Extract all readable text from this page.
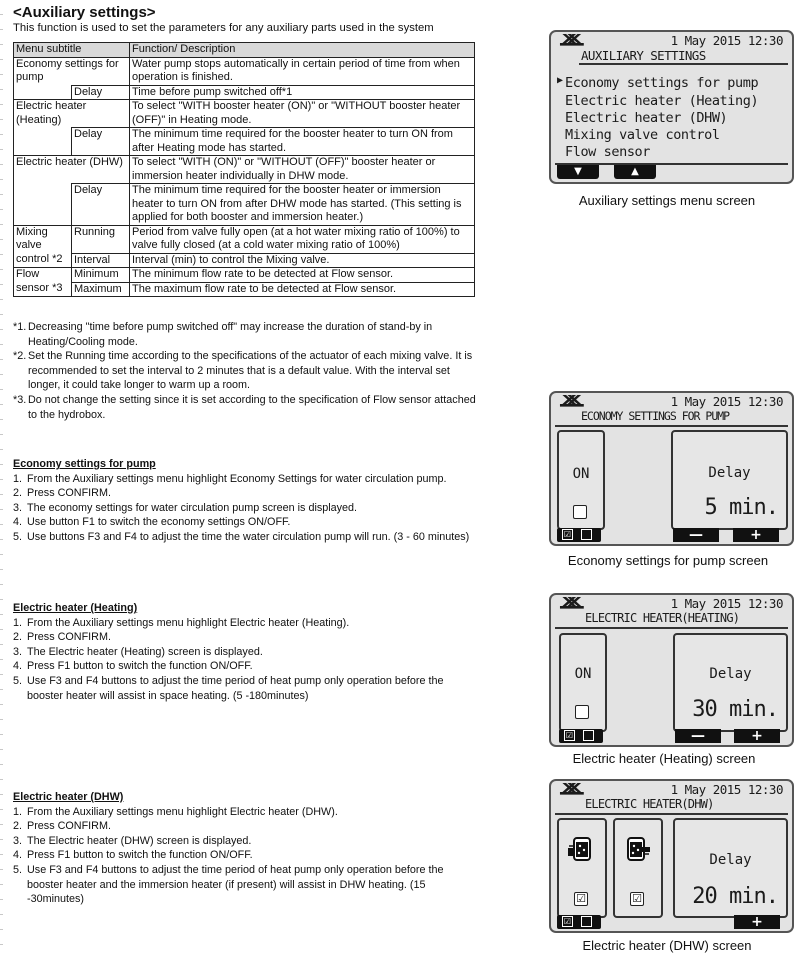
<Auxiliary settings>
This function is used to set the parameters for any auxiliary parts used in the system
Menu subtitle		Function/ Description
Economy settings for pump		Water pump stops automatically in certain period of time from when operation is finished.
	Delay	Time before pump switched off*1
Electric heater (Heating)		To select "WITH booster heater (ON)" or "WITHOUT booster heater (OFF)" in Heating mode.
	Delay	The minimum time required for the booster heater to turn ON from after Heating mode has started.
Electric heater (DHW)		To select "WITH (ON)" or "WITHOUT (OFF)" booster heater or immersion heater individually in DHW mode.
	Delay	The minimum time required for the booster heater or immersion heater to turn ON from after DHW mode has started. (This setting is applied for both booster and immersion heater.)
Mixing valve control *2	Running	Period from valve fully open (at a hot water mixing ratio of 100%) to valve fully closed (at a cold water mixing ratio of 100%)
	Interval	Interval (min) to control the Mixing valve.
Flow sensor *3	Minimum	The minimum flow rate to be detected at Flow sensor.
	Maximum	The maximum flow rate to be detected at Flow sensor.
*1. Decreasing "time before pump switched off" may increase the duration of stand-by in Heating/Cooling mode.
*2. Set the Running time according to the specifications of the actuator of each mixing valve. It is recommended to set the interval to 2 minutes that is a default value. With the interval set longer, it could take longer to warm up a room.
*3. Do not change the setting since it is set according to the specification of Flow sensor attached to the hydrobox.
Economy settings for pump
1. From the Auxiliary settings menu highlight Economy Settings for water circulation pump.
2. Press CONFIRM.
3. The economy settings for water circulation pump screen is displayed.
4. Use button F1 to switch the economy settings ON/OFF.
5. Use buttons F3 and F4 to adjust the time the water circulation pump will run. (3 - 60 minutes)
Electric heater (Heating)
1. From the Auxiliary settings menu highlight Electric heater (Heating).
2. Press CONFIRM.
3. The Electric heater (Heating) screen is displayed.
4. Press F1 button to switch the function ON/OFF.
5. Use F3 and F4 buttons to adjust the time period of heat pump only operation before the booster heater will assist in space heating. (5 -180minutes)
Electric heater (DHW)
1. From the Auxiliary settings menu highlight Electric heater (DHW).
2. Press CONFIRM.
3. The Electric heater (DHW) screen is displayed.
4. Press F1 button to switch the function ON/OFF.
5. Use F3 and F4 buttons to adjust the time period of heat pump only operation before the booster heater and the immersion heater (if present) will assist in DHW heating. (15 -30minutes)
ᚘ	1 May 2015 12:30
AUXILIARY SETTINGS
▶ Economy settings for pump
Electric heater (Heating)
Electric heater (DHW)
Mixing valve control
Flow sensor
▼	▲
Auxiliary settings menu screen
ᚘ	1 May 2015 12:30
ECONOMY SETTINGS FOR PUMP
ON	Delay
5 min.
☑	—	+
Economy settings for pump screen
ᚘ	1 May 2015 12:30
ELECTRIC HEATER(HEATING)
ON	Delay
30 min.
☑	—	+
Electric heater (Heating) screen
ᚘ	1 May 2015 12:30
ELECTRIC HEATER(DHW)
☑	☑
Delay
20 min.
☑	+
Electric heater (DHW) screen
